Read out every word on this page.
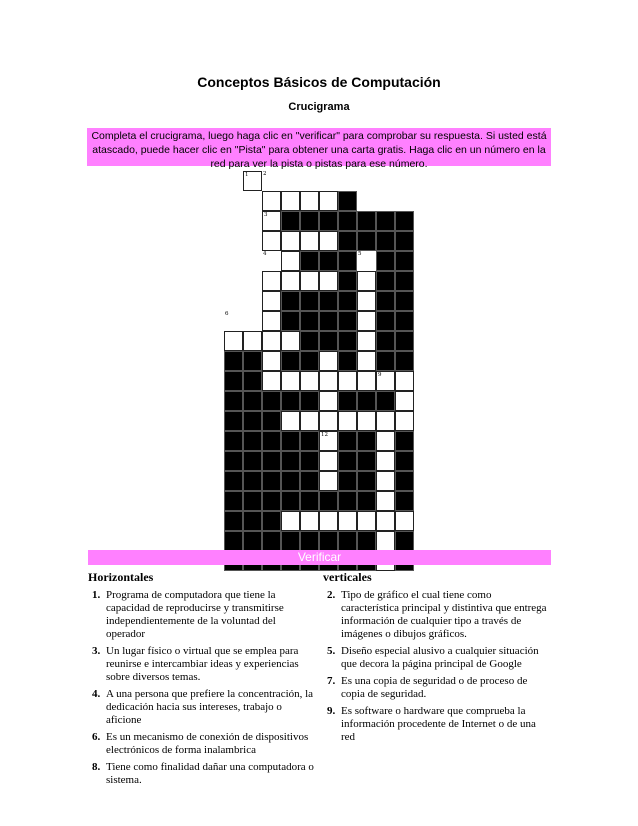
Conceptos Básicos de Computación
Crucigrama
Completa el crucigrama, luego haga clic en "verificar" para comprobar su respuesta. Si usted está atascado, puede hacer clic en "Pista" para obtener una carta gratis. Haga clic en un número en la red para ver la pista o pistas para ese número.
1	2
3
4	5
6
7
8
9
10	11
12
13
Verificar
Horizontales
1. Programa de computadora que tiene la capacidad de reproducirse y transmitirse independientemente de la voluntad del operador
3. Un lugar físico o virtual que se emplea para reunirse e intercambiar ideas y experiencias sobre diversos temas.
4. A una persona que prefiere la concentración, la dedicación hacia sus intereses, trabajo o aficione
6. Es un mecanismo de conexión de dispositivos electrónicos de forma inalambrica
8. Tiene como finalidad dañar una computadora o sistema.
verticales
2. Tipo de gráfico el cual tiene como característica principal y distintiva que entrega información de cualquier tipo a través de imágenes o dibujos gráficos.
5. Diseño especial alusivo a cualquier situación que decora la página principal de Google
7. Es una copia de seguridad o de proceso de copia de seguridad.
9. Es software o hardware que comprueba la información procedente de Internet o de una red
